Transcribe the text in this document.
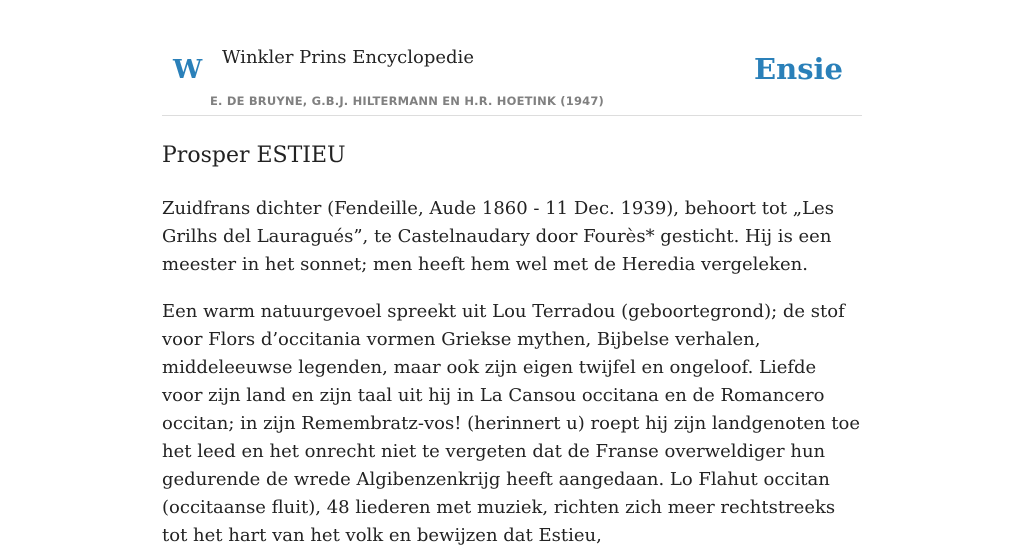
W Winkler Prins Encyclopedie
E. DE BRUYNE, G.B.J. HILTERMANN EN H.R. HOETINK (1947)
Ensie
Prosper ESTIEU

Zuidfrans dichter (Fendeille, Aude 1860 - 11 Dec. 1939), behoort tot „Les Grilhs del Lauragués”, te Castelnaudary door Fourès* gesticht. Hij is een meester in het sonnet; men heeft hem wel met de Heredia vergeleken.

Een warm natuurgevoel spreekt uit Lou Terradou (geboortegrond); de stof voor Flors d’occitania vormen Griekse mythen, Bijbelse verhalen, middeleeuwse legenden, maar ook zijn eigen twijfel en ongeloof. Liefde voor zijn land en zijn taal uit hij in La Cansou occitana en de Romancero occitan; in zijn Remembratz-vos! (herinnert u) roept hij zijn landgenoten toe het leed en het onrecht niet te vergeten dat de Franse overweldiger hun gedurende de wrede Algibenzenkrijg heeft aangedaan. Lo Flahut occitan (occitaanse fluit), 48 liederen met muziek, richten zich meer rechtstreeks tot het hart van het volk en bewijzen dat Estieu,
